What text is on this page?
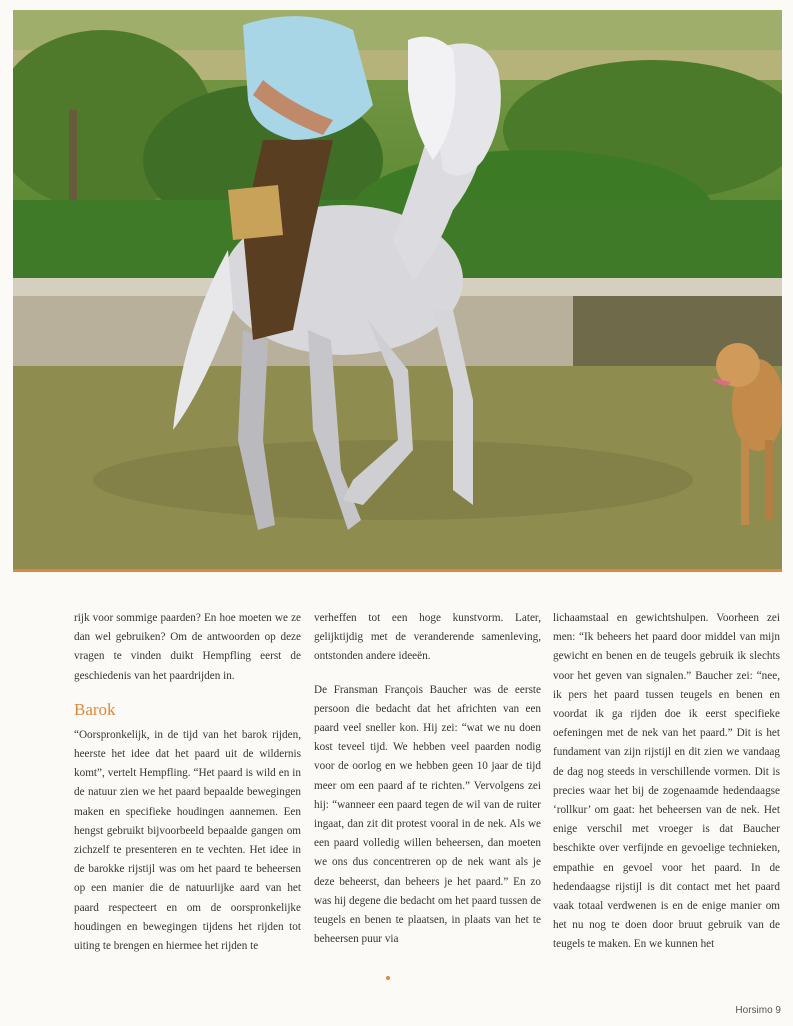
rijk voor sommige paarden? En hoe moeten we ze dan wel gebruiken? Om de antwoorden op deze vragen te vinden duikt Hempfling eerst de geschiedenis van het paardrijden in.

Barok

“Oorspronkelijk, in de tijd van het barok rijden, heerste het idee dat het paard uit de wildernis komt”, vertelt Hempfling. “Het paard is wild en in de natuur zien we het paard bepaalde bewegingen maken en specifieke houdingen aannemen. Een hengst gebruikt bijvoorbeeld bepaalde gangen om zichzelf te presenteren en te vechten. Het idee in de barokke rijstijl was om het paard te beheersen op een manier die de natuurlijke aard van het paard respecteert en om de oorspronkelijke houdingen en bewegingen tijdens het rijden tot uiting te brengen en hiermee het rijden te

verheffen tot een hoge kunstvorm. Later, gelijktijdig met de veranderende samenleving, ontstonden andere ideeën.

De Fransman François Baucher was de eerste persoon die bedacht dat het africhten van een paard veel sneller kon. Hij zei: “wat we nu doen kost teveel tijd. We hebben veel paarden nodig voor de oorlog en we hebben geen 10 jaar de tijd meer om een paard af te richten.” Vervolgens zei hij: “wanneer een paard tegen de wil van de ruiter ingaat, dan zit dit protest vooral in de nek. Als we een paard volledig willen beheersen, dan moeten we ons dus concentreren op de nek want als je deze beheerst, dan beheers je het paard.” En zo was hij degene die bedacht om het paard tussen de teugels en benen te plaatsen, in plaats van het te beheersen puur via

lichaamstaal en gewichtshulpen. Voorheen zei men: “Ik beheers het paard door middel van mijn gewicht en benen en de teugels gebruik ik slechts voor het geven van signalen.” Baucher zei: “nee, ik pers het paard tussen teugels en benen en voordat ik ga rijden doe ik eerst specifieke oefeningen met de nek van het paard.” Dit is het fundament van zijn rijstijl en dit zien we vandaag de dag nog steeds in verschillende vormen. Dit is precies waar het bij de zogenaamde hedendaagse ‘rollkur’ om gaat: het beheersen van de nek. Het enige verschil met vroeger is dat Baucher beschikte over verfijnde en gevoelige technieken, empathie en gevoel voor het paard. In de hedendaagse rijstijl is dit contact met het paard vaak totaal verdwenen is en de enige manier om het nu nog te doen door bruut gebruik van de teugels te maken. En we kunnen het

Horsimo 9
